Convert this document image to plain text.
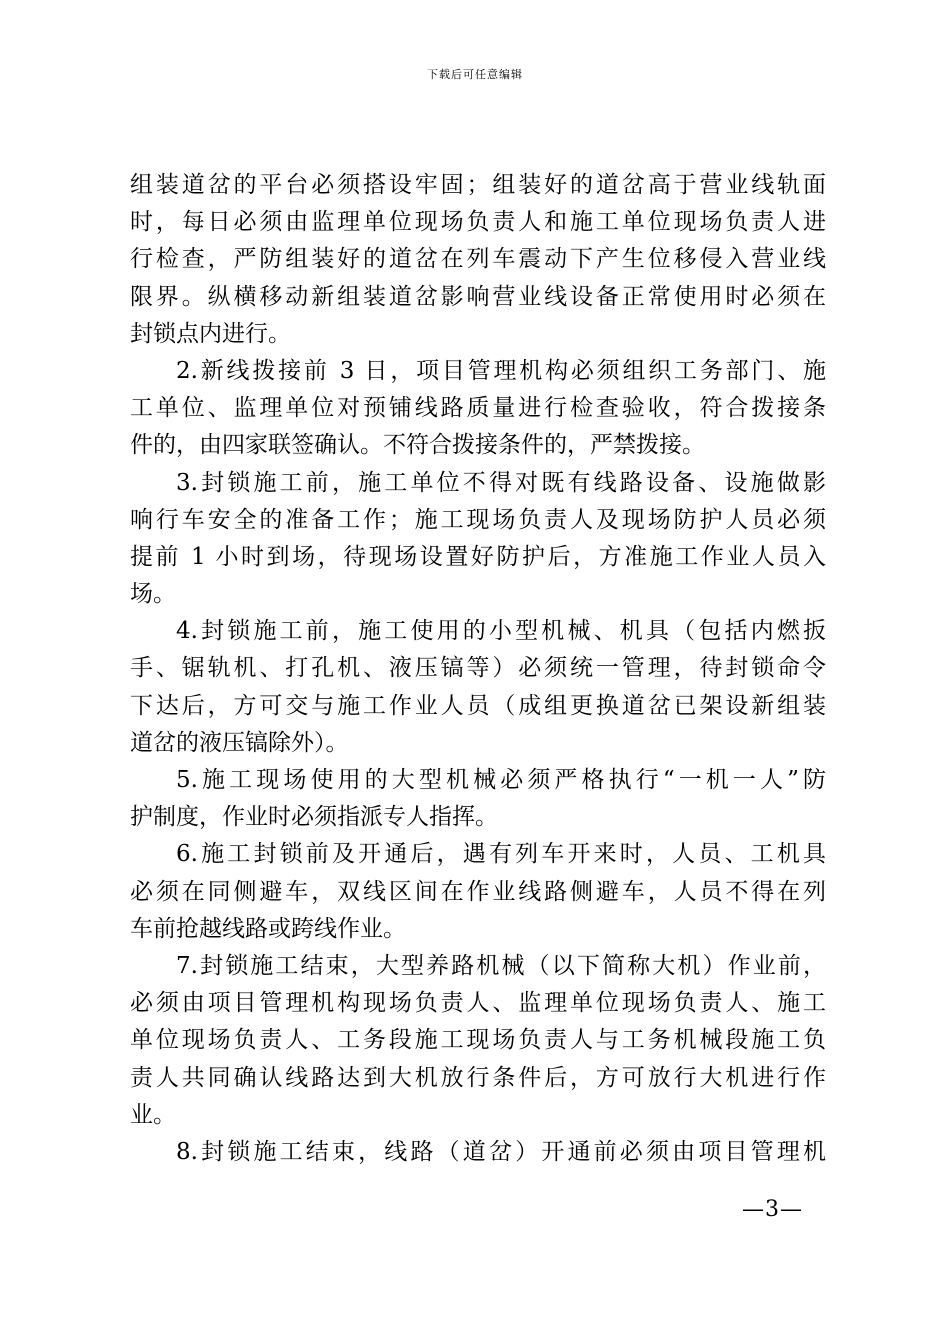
下载后可任意编辑
组装道岔的平台必须搭设牢固；组装好的道岔高于营业线轨面
时，每日必须由监理单位现场负责人和施工单位现场负责人进
行检查，严防组装好的道岔在列车震动下产生位移侵入营业线
限界。纵横移动新组装道岔影响营业线设备正常使用时必须在
封锁点内进行。
2.新线拨接前 3 日，项目管理机构必须组织工务部门、施
工单位、监理单位对预铺线路质量进行检查验收，符合拨接条
件的，由四家联签确认。不符合拨接条件的，严禁拨接。
3.封锁施工前，施工单位不得对既有线路设备、设施做影
响行车安全的准备工作；施工现场负责人及现场防护人员必须
提前 1 小时到场，待现场设置好防护后，方准施工作业人员入
场。
4.封锁施工前，施工使用的小型机械、机具（包括内燃扳
手、锯轨机、打孔机、液压镐等）必须统一管理，待封锁命令
下达后，方可交与施工作业人员（成组更换道岔已架设新组装
道岔的液压镐除外）。
5.施工现场使用的大型机械必须严格执行“一机一人”防
护制度，作业时必须指派专人指挥。
6.施工封锁前及开通后，遇有列车开来时，人员、工机具
必须在同侧避车，双线区间在作业线路侧避车，人员不得在列
车前抢越线路或跨线作业。
7.封锁施工结束，大型养路机械（以下简称大机）作业前，
必须由项目管理机构现场负责人、监理单位现场负责人、施工
单位现场负责人、工务段施工现场负责人与工务机械段施工负
责人共同确认线路达到大机放行条件后，方可放行大机进行作
业。
8.封锁施工结束，线路（道岔）开通前必须由项目管理机
—3—
